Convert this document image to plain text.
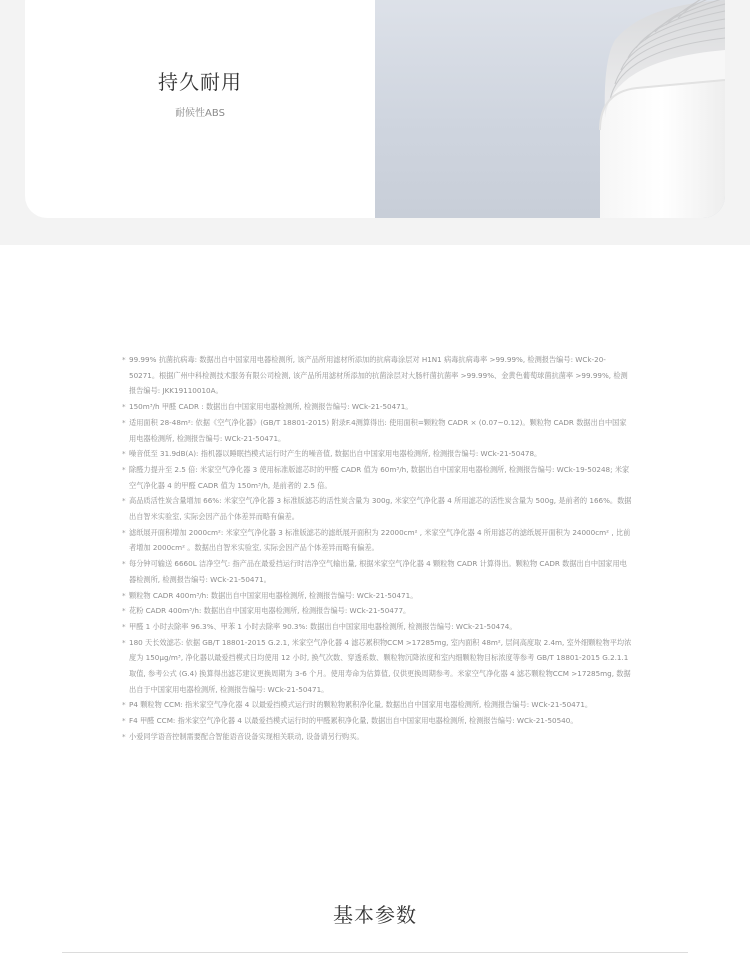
持久耐用
耐候性ABS
* 99.99% 抗菌抗病毒: 数据出自中国家用电器检测所, 该产品所用滤材所添加的抗病毒涂层对 H1N1 病毒抗病毒率 >99.99%, 检测报告编号: WCk-20-50271。根据广州中科检测技术服务有限公司检测, 该产品所用滤材所添加的抗菌涂层对大肠杆菌抗菌率 >99.99%、金黄色葡萄球菌抗菌率 >99.99%, 检测报告编号: JKK19110010A。
* 150m³/h 甲醛 CADR : 数据出自中国家用电器检测所, 检测报告编号: WCk-21-50471。
* 适用面积 28-48m²: 依据《空气净化器》(GB/T 18801-2015) 附录F.4测算得出: 使用面积=颗粒物 CADR × (0.07~0.12)。颗粒物 CADR 数据出自中国家用电器检测所, 检测报告编号: WCk-21-50471。
* 噪音低至 31.9dB(A): 指机器以睡眠挡模式运行时产生的噪音值, 数据出自中国家用电器检测所, 检测报告编号: WCk-21-50478。
* 除醛力提升至 2.5 倍: 米家空气净化器 3 使用标准版滤芯时的甲醛 CADR 值为 60m³/h, 数据出自中国家用电器检测所, 检测报告编号: WCk-19-50248; 米家空气净化器 4 的甲醛 CADR 值为 150m³/h, 是前者的 2.5 倍。
* 高品质活性炭含量增加 66%: 米家空气净化器 3 标准版滤芯的活性炭含量为 300g, 米家空气净化器 4 所用滤芯的活性炭含量为 500g, 是前者的 166%。数据出自智米实验室, 实际会因产品个体差异而略有偏差。
* 滤纸展开面积增加 2000cm²: 米家空气净化器 3 标准版滤芯的滤纸展开面积为 22000cm² , 米家空气净化器 4 所用滤芯的滤纸展开面积为 24000cm² , 比前者增加 2000cm² 。数据出自智米实验室, 实际会因产品个体差异而略有偏差。
* 每分钟可输送 6660L 洁净空气: 指产品在最爱挡运行时洁净空气输出量, 根据米家空气净化器 4 颗粒物 CADR 计算得出。颗粒物 CADR 数据出自中国家用电器检测所, 检测报告编号: WCk-21-50471。
* 颗粒物 CADR 400m³/h: 数据出自中国家用电器检测所, 检测报告编号: WCk-21-50471。
* 花粉 CADR 400m³/h: 数据出自中国家用电器检测所, 检测报告编号: WCk-21-50477。
* 甲醛 1 小时去除率 96.3%、甲苯 1 小时去除率 90.3%: 数据出自中国家用电器检测所, 检测报告编号: WCk-21-50474。
* 180 天长效滤芯: 依据 GB/T 18801-2015 G.2.1, 米家空气净化器 4 滤芯累积物CCM >17285mg, 室内面积 48m², 层间高度取 2.4m, 室外细颗粒物平均浓度为 150μg/m³, 净化器以最爱挡模式日均使用 12 小时, 换气次数、穿透系数、颗粒物沉降浓度和室内细颗粒物目标浓度等参考 GB/T 18801-2015 G.2.1.1 取值, 参考公式 (G.4) 换算得出滤芯建议更换周期为 3-6 个月。使用寿命为估算值, 仅供更换周期参考。米家空气净化器 4 滤芯颗粒物CCM >17285mg, 数据出自于中国家用电器检测所, 检测报告编号: WCk-21-50471。
* P4 颗粒物 CCM: 指米家空气净化器 4 以最爱挡模式运行时的颗粒物累积净化量, 数据出自中国家用电器检测所, 检测报告编号: WCk-21-50471。
* F4 甲醛 CCM: 指米家空气净化器 4 以最爱挡模式运行时的甲醛累积净化量, 数据出自中国家用电器检测所, 检测报告编号: WCk-21-50540。
* 小爱同学语音控制需要配合智能语音设备实现相关联动, 设备请另行购买。
基本参数
